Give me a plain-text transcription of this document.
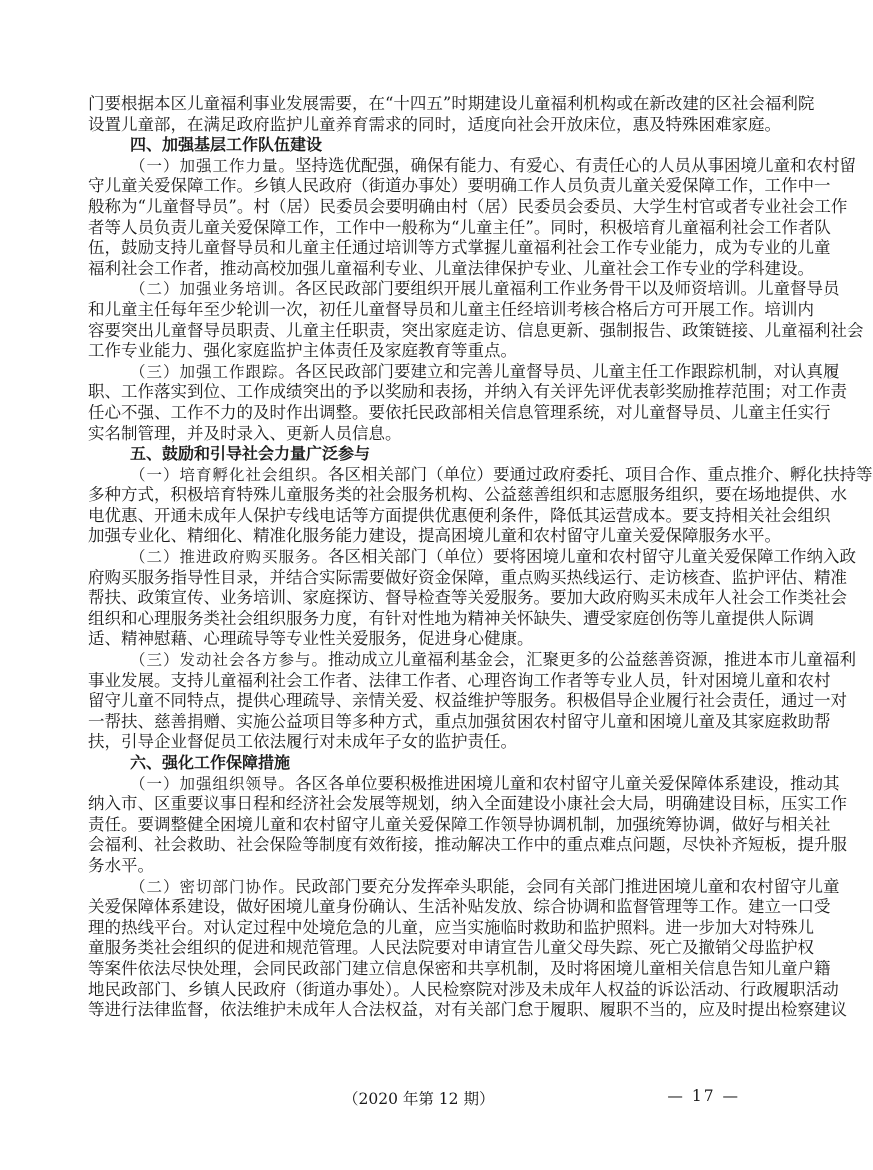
门要根据本区儿童福利事业发展需要，在“十四五”时期建设儿童福利机构或在新改建的区社会福利院
设置儿童部，在满足政府监护儿童养育需求的同时，适度向社会开放床位，惠及特殊困难家庭。
四、加强基层工作队伍建设
（一）加强工作力量。坚持选优配强，确保有能力、有爱心、有责任心的人员从事困境儿童和农村留
守儿童关爱保障工作。乡镇人民政府（街道办事处）要明确工作人员负责儿童关爱保障工作，工作中一
般称为“儿童督导员”。村（居）民委员会要明确由村（居）民委员会委员、大学生村官或者专业社会工作
者等人员负责儿童关爱保障工作，工作中一般称为“儿童主任”。同时，积极培育儿童福利社会工作者队
伍，鼓励支持儿童督导员和儿童主任通过培训等方式掌握儿童福利社会工作专业能力，成为专业的儿童
福利社会工作者，推动高校加强儿童福利专业、儿童法律保护专业、儿童社会工作专业的学科建设。
（二）加强业务培训。各区民政部门要组织开展儿童福利工作业务骨干以及师资培训。儿童督导员
和儿童主任每年至少轮训一次，初任儿童督导员和儿童主任经培训考核合格后方可开展工作。培训内
容要突出儿童督导员职责、儿童主任职责，突出家庭走访、信息更新、强制报告、政策链接、儿童福利社会
工作专业能力、强化家庭监护主体责任及家庭教育等重点。
（三）加强工作跟踪。各区民政部门要建立和完善儿童督导员、儿童主任工作跟踪机制，对认真履
职、工作落实到位、工作成绩突出的予以奖励和表扬，并纳入有关评先评优表彰奖励推荐范围；对工作责
任心不强、工作不力的及时作出调整。要依托民政部相关信息管理系统，对儿童督导员、儿童主任实行
实名制管理，并及时录入、更新人员信息。
五、鼓励和引导社会力量广泛参与
（一）培育孵化社会组织。各区相关部门（单位）要通过政府委托、项目合作、重点推介、孵化扶持等
多种方式，积极培育特殊儿童服务类的社会服务机构、公益慈善组织和志愿服务组织，要在场地提供、水
电优惠、开通未成年人保护专线电话等方面提供优惠便利条件，降低其运营成本。要支持相关社会组织
加强专业化、精细化、精准化服务能力建设，提高困境儿童和农村留守儿童关爱保障服务水平。
（二）推进政府购买服务。各区相关部门（单位）要将困境儿童和农村留守儿童关爱保障工作纳入政
府购买服务指导性目录，并结合实际需要做好资金保障，重点购买热线运行、走访核查、监护评估、精准
帮扶、政策宣传、业务培训、家庭探访、督导检查等关爱服务。要加大政府购买未成年人社会工作类社会
组织和心理服务类社会组织服务力度，有针对性地为精神关怀缺失、遭受家庭创伤等儿童提供人际调
适、精神慰藉、心理疏导等专业性关爱服务，促进身心健康。
（三）发动社会各方参与。推动成立儿童福利基金会，汇聚更多的公益慈善资源，推进本市儿童福利
事业发展。支持儿童福利社会工作者、法律工作者、心理咨询工作者等专业人员，针对困境儿童和农村
留守儿童不同特点，提供心理疏导、亲情关爱、权益维护等服务。积极倡导企业履行社会责任，通过一对
一帮扶、慈善捐赠、实施公益项目等多种方式，重点加强贫困农村留守儿童和困境儿童及其家庭救助帮
扶，引导企业督促员工依法履行对未成年子女的监护责任。
六、强化工作保障措施
（一）加强组织领导。各区各单位要积极推进困境儿童和农村留守儿童关爱保障体系建设，推动其
纳入市、区重要议事日程和经济社会发展等规划，纳入全面建设小康社会大局，明确建设目标，压实工作
责任。要调整健全困境儿童和农村留守儿童关爱保障工作领导协调机制，加强统筹协调，做好与相关社
会福利、社会救助、社会保险等制度有效衔接，推动解决工作中的重点难点问题，尽快补齐短板，提升服
务水平。
（二）密切部门协作。民政部门要充分发挥牵头职能，会同有关部门推进困境儿童和农村留守儿童
关爱保障体系建设，做好困境儿童身份确认、生活补贴发放、综合协调和监督管理等工作。建立一口受
理的热线平台。对认定过程中处境危急的儿童，应当实施临时救助和监护照料。进一步加大对特殊儿
童服务类社会组织的促进和规范管理。人民法院要对申请宣告儿童父母失踪、死亡及撤销父母监护权
等案件依法尽快处理，会同民政部门建立信息保密和共享机制，及时将困境儿童相关信息告知儿童户籍
地民政部门、乡镇人民政府（街道办事处）。人民检察院对涉及未成年人权益的诉讼活动、行政履职活动
等进行法律监督，依法维护未成年人合法权益，对有关部门怠于履职、履职不当的，应及时提出检察建议
（2020 年第 12 期）	— 17 —
